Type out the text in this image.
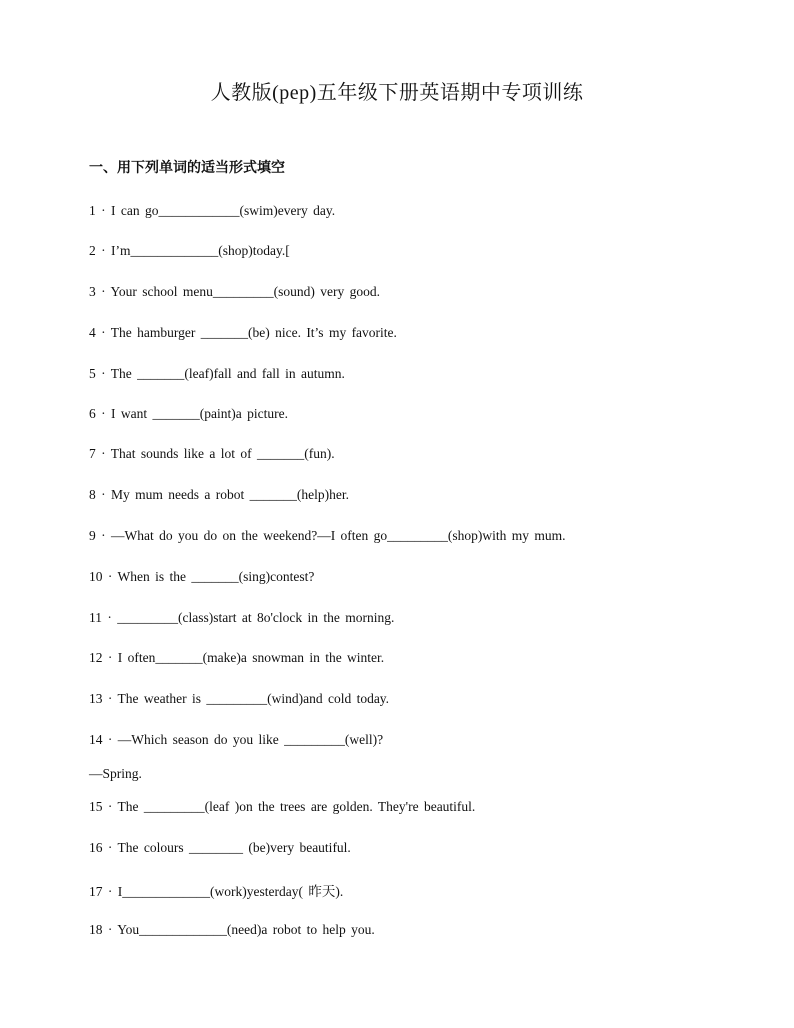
人教版(pep)五年级下册英语期中专项训练
一、用下列单词的适当形式填空
1 · I can go____________(swim)every day.
2 · I’m_____________(shop)today.[
3 · Your school menu_________(sound) very good.
4 · The hamburger _______(be) nice. It’s my favorite.
5 · The _______(leaf)fall and fall in autumn.
6 · I want _______(paint)a picture.
7 · That sounds like a lot of _______(fun).
8 · My mum needs a robot _______(help)her.
9 · —What do you do on the weekend?—I often go_________(shop)with my mum.
10 · When is the _______(sing)contest?
11 · _________(class)start at 8o'clock in the morning.
12 · I often_______(make)a snowman in the winter.
13 · The weather is _________(wind)and cold today.
14 · —Which season do you like _________(well)?
—Spring.
15 · The _________(leaf )on the trees are golden. They're beautiful.
16 · The colours ________ (be)very beautiful.
17 · I_____________(work)yesterday( 昨天).
18 · You_____________(need)a robot to help you.
